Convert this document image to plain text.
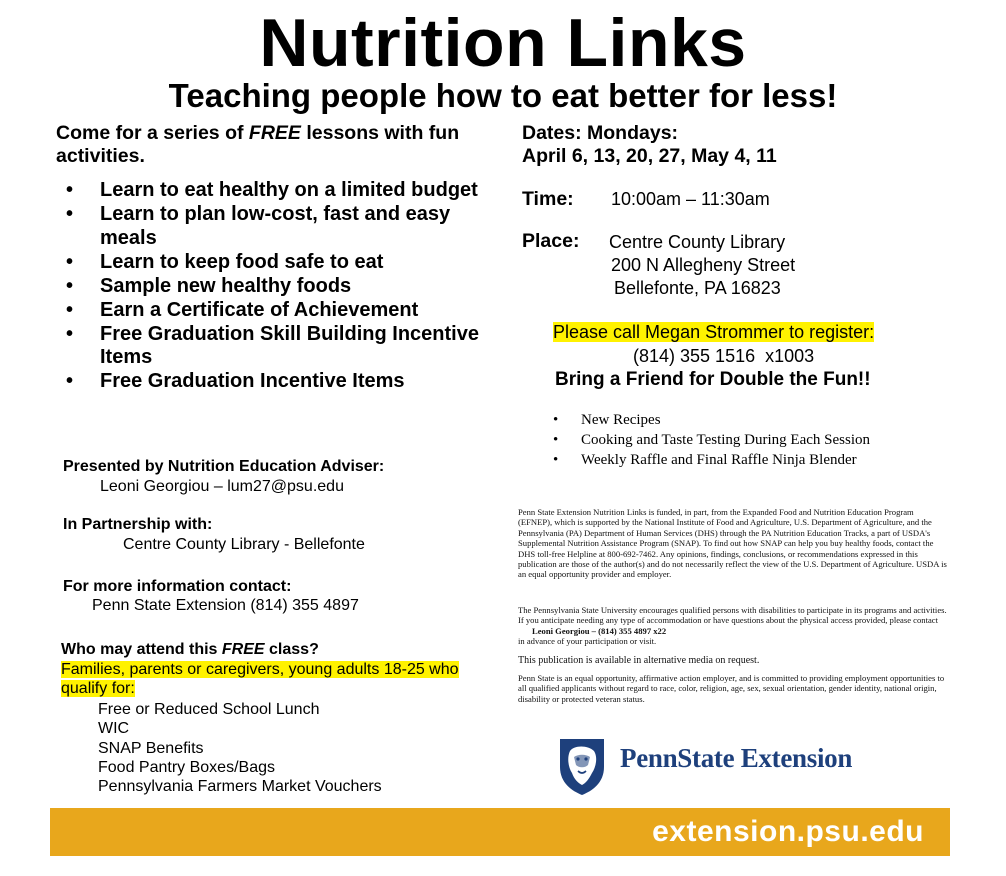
Nutrition Links
Teaching people how to eat better for less!
Come for a series of FREE lessons with fun activities.
• Learn to eat healthy on a limited budget
• Learn to plan low-cost, fast and easy meals
• Learn to keep food safe to eat
• Sample new healthy foods
• Earn a Certificate of Achievement
• Free Graduation Skill Building Incentive Items
• Free Graduation Incentive Items
Presented by Nutrition Education Adviser:
Leoni Georgiou – lum27@psu.edu
In Partnership with:
Centre County Library - Bellefonte
For more information contact:
Penn State Extension (814) 355 4897
Who may attend this FREE class?
Families, parents or caregivers, young adults 18-25 who
qualify for:
Free or Reduced School Lunch
WIC
SNAP Benefits
Food Pantry Boxes/Bags
Pennsylvania Farmers Market Vouchers
Dates: Mondays:
April 6, 13, 20, 27, May 4, 11
Time: 10:00am – 11:30am
Place: Centre County Library
200 N Allegheny Street
Bellefonte, PA 16823
Please call Megan Strommer to register:
(814) 355 1516  x1003
Bring a Friend for Double the Fun!!
• New Recipes
• Cooking and Taste Testing During Each Session
• Weekly Raffle and Final Raffle Ninja Blender
Penn State Extension Nutrition Links is funded, in part, from the Expanded Food and Nutrition Education Program (EFNEP), which is supported by the National Institute of Food and Agriculture, U.S. Department of Agriculture, and the Pennsylvania (PA) Department of Human Services (DHS) through the PA Nutrition Education Tracks, a part of USDA's Supplemental Nutrition Assistance Program (SNAP). To find out how SNAP can help you buy healthy foods, contact the DHS toll-free Helpline at 800-692-7462. Any opinions, findings, conclusions, or recommendations expressed in this publication are those of the author(s) and do not necessarily reflect the view of the U.S. Department of Agriculture. USDA is an equal opportunity provider and employer.
The Pennsylvania State University encourages qualified persons with disabilities to participate in its programs and activities. If you anticipate needing any type of accommodation or have questions about the physical access provided, please contact Leoni Georgiou – (814) 355 4897 x22
in advance of your participation or visit.
This publication is available in alternative media on request.
Penn State is an equal opportunity, affirmative action employer, and is committed to providing employment opportunities to all qualified applicants without regard to race, color, religion, age, sex, sexual orientation, gender identity, national origin, disability or protected veteran status.
PennState Extension
extension.psu.edu
